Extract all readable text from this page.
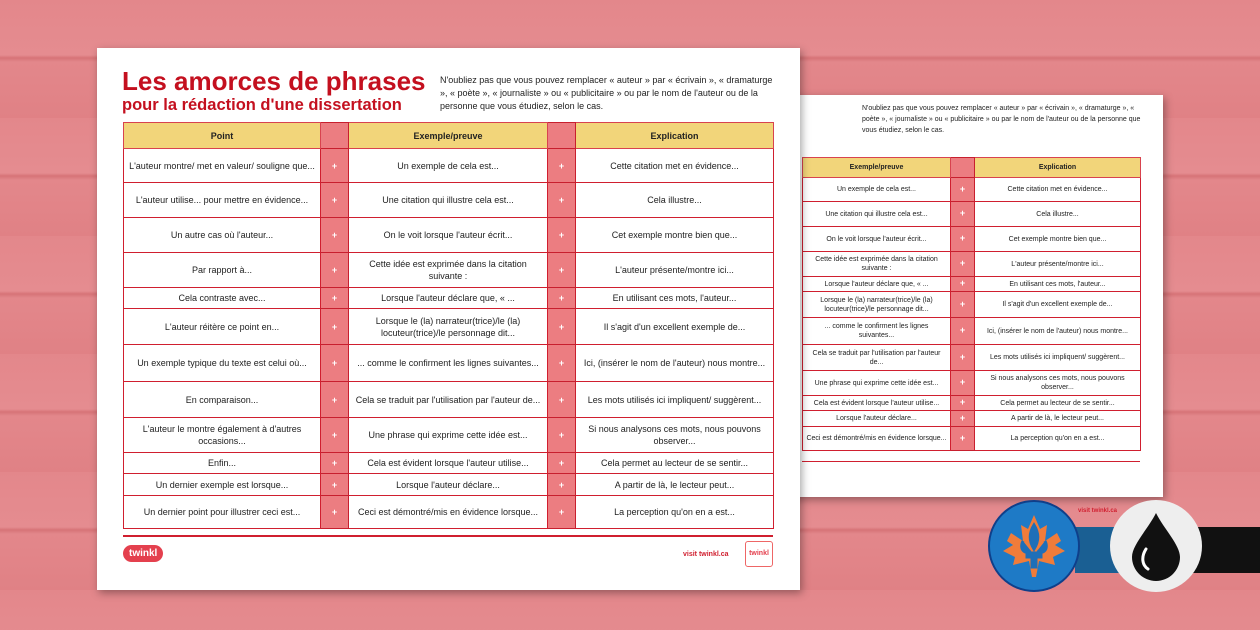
N'oubliez pas que vous pouvez remplacer « auteur » par « écrivain », « dramaturge », « poète », « journaliste » ou « publicitaire » ou par le nom de l'auteur ou de la personne que vous étudiez, selon le cas.
Exemple/preuve		Explication
Un exemple de cela est...	+	Cette citation met en évidence...
Une citation qui illustre cela est...	+	Cela illustre...
On le voit lorsque l'auteur écrit...	+	Cet exemple montre bien que...
Cette idée est exprimée dans la citation suivante :	+	L'auteur présente/montre ici...
Lorsque l'auteur déclare que, « ...	+	En utilisant ces mots, l'auteur...
Lorsque le (la) narrateur(trice)/le (la) locuteur(trice)/le personnage dit...	+	Il s'agit d'un excellent exemple de...
... comme le confirment les lignes suivantes...	+	Ici, (insérer le nom de l'auteur) nous montre...
Cela se traduit par l'utilisation par l'auteur de...	+	Les mots utilisés ici impliquent/ suggèrent...
Une phrase qui exprime cette idée est...	+	Si nous analysons ces mots, nous pouvons observer...
Cela est évident lorsque l'auteur utilise...	+	Cela permet au lecteur de se sentir...
Lorsque l'auteur déclare...	+	A partir de là, le lecteur peut...
Ceci est démontré/mis en évidence lorsque...	+	La perception qu'on en a est...
visit twinkl.ca
Les amorces de phrases
pour la rédaction d'une dissertation
N'oubliez pas que vous pouvez remplacer « auteur » par « écrivain », « dramaturge », « poète », « journaliste » ou « publicitaire » ou par le nom de l'auteur ou de la personne que vous étudiez, selon le cas.
Point		Exemple/preuve		Explication
L'auteur montre/ met en valeur/ souligne que...	+	Un exemple de cela est...	+	Cette citation met en évidence...
L'auteur utilise... pour mettre en évidence...	+	Une citation qui illustre cela est...	+	Cela illustre...
Un autre cas où l'auteur...	+	On le voit lorsque l'auteur écrit...	+	Cet exemple montre bien que...
Par rapport à...	+	Cette idée est exprimée dans la citation suivante :	+	L'auteur présente/montre ici...
Cela contraste avec...	+	Lorsque l'auteur déclare que, « ...	+	En utilisant ces mots, l'auteur...
L'auteur réitère ce point en...	+	Lorsque le (la) narrateur(trice)/le (la) locuteur(trice)/le personnage dit...	+	Il s'agit d'un excellent exemple de...
Un exemple typique du texte est celui où...	+	... comme le confirment les lignes suivantes...	+	Ici, (insérer le nom de l'auteur) nous montre...
En comparaison...	+	Cela se traduit par l'utilisation par l'auteur de...	+	Les mots utilisés ici impliquent/ suggèrent...
L'auteur le montre également à d'autres occasions...	+	Une phrase qui exprime cette idée est...	+	Si nous analysons ces mots, nous pouvons observer...
Enfin...	+	Cela est évident lorsque l'auteur utilise...	+	Cela permet au lecteur de se sentir...
Un dernier exemple est lorsque...	+	Lorsque l'auteur déclare...	+	A partir de là, le lecteur peut...
Un dernier point pour illustrer ceci est...	+	Ceci est démontré/mis en évidence lorsque...	+	La perception qu'on en a est...
twinkl	visit twinkl.ca	twinkl
